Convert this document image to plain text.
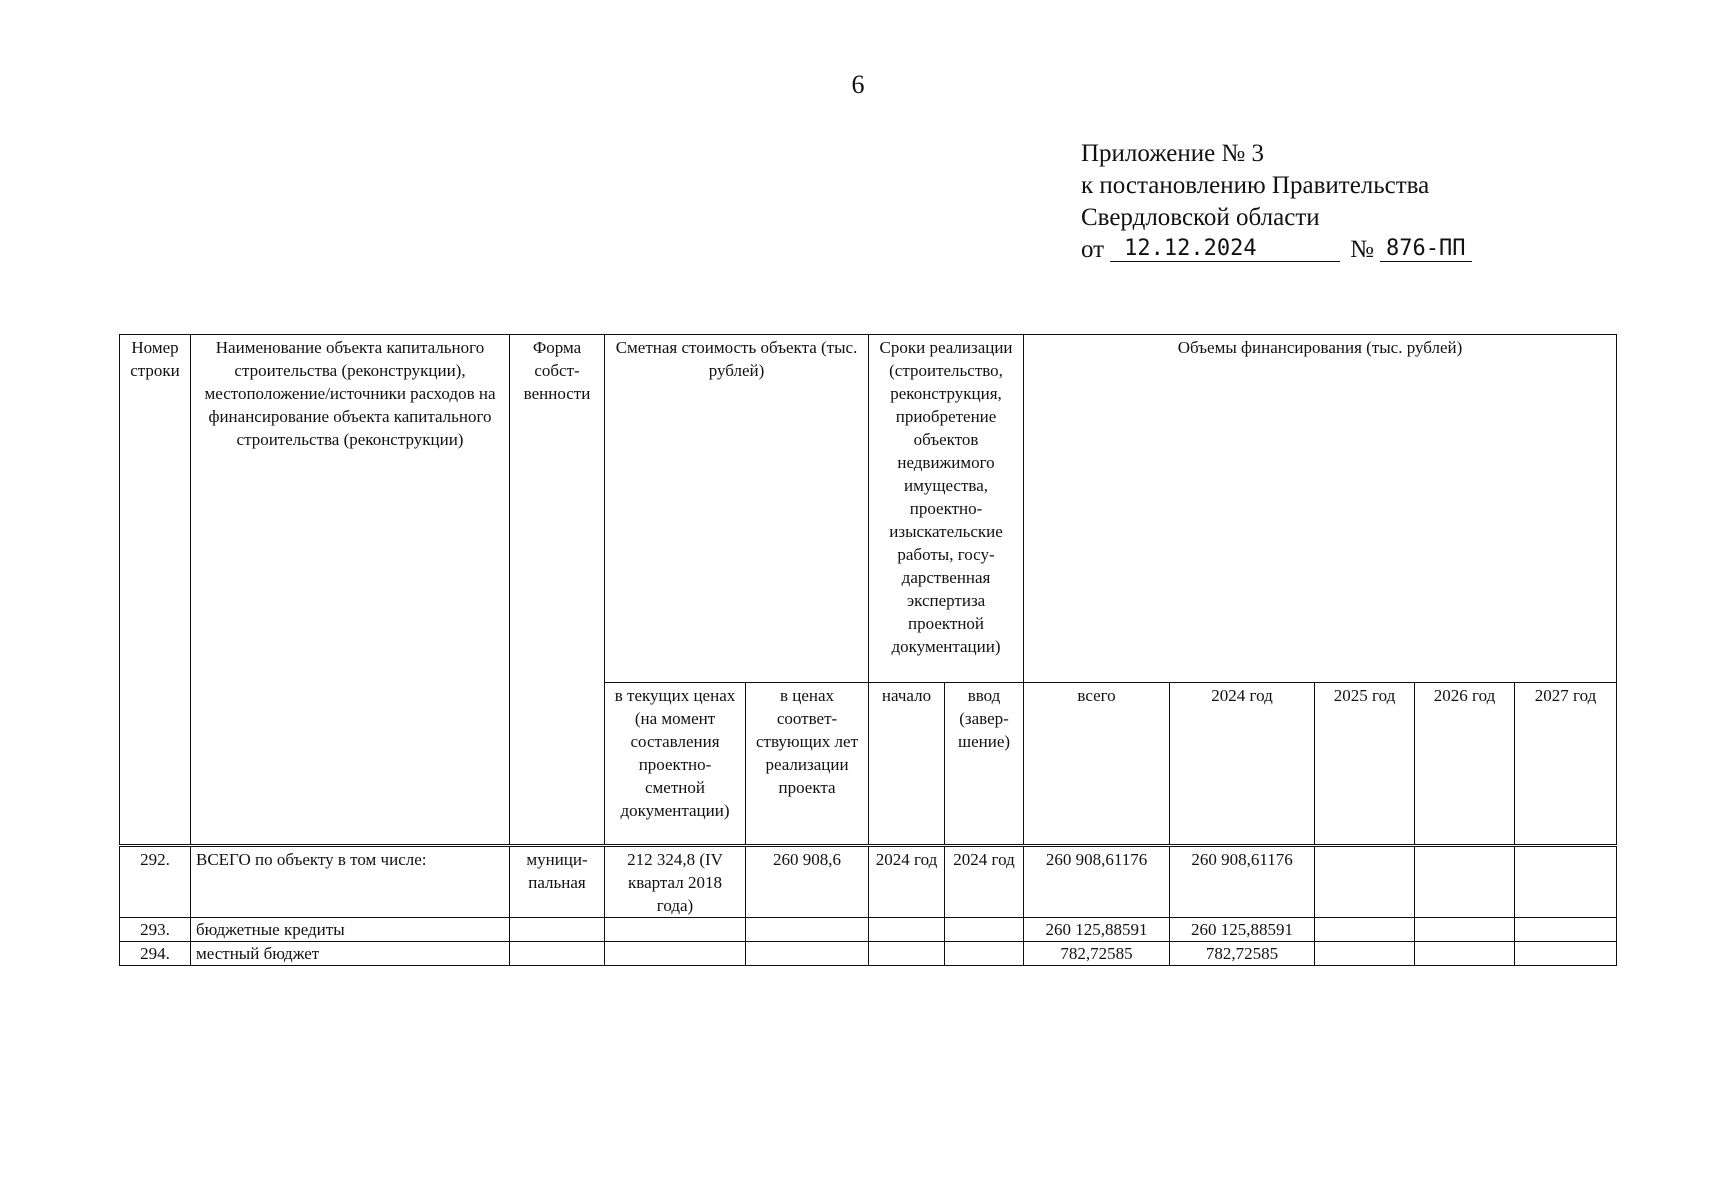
6
Приложение № 3
к постановлению Правительства
Свердловской области
от 12.12.2024	№ 876-ПП
Номер строки	Наименование объекта капитального строительства (реконструкции), местоположение/источники расходов на финансирование объекта капитального строительства (реконструкции)	Форма собст-венности	Сметная стоимость объекта (тыс. рублей)		Сроки реализации (строительство, реконструкция, приобретение объектов недвижимого имущества, проектно-изыскательские работы, госу-дарственная экспертиза проектной документации)		Объемы финансирования (тыс. рублей)				
			в текущих ценах (на момент составления проектно-сметной документации)	в ценах соответ-ствующих лет реализации проекта	начало	ввод (завер-шение)	всего	2024 год	2025 год	2026 год	2027 год
292.	ВСЕГО по объекту в том числе:	муници-пальная	212 324,8 (IV квартал 2018 года)	260 908,6	2024 год	2024 год	260 908,61176	260 908,61176			
293.	бюджетные кредиты						260 125,88591	260 125,88591			
294.	местный бюджет						782,72585	782,72585			
